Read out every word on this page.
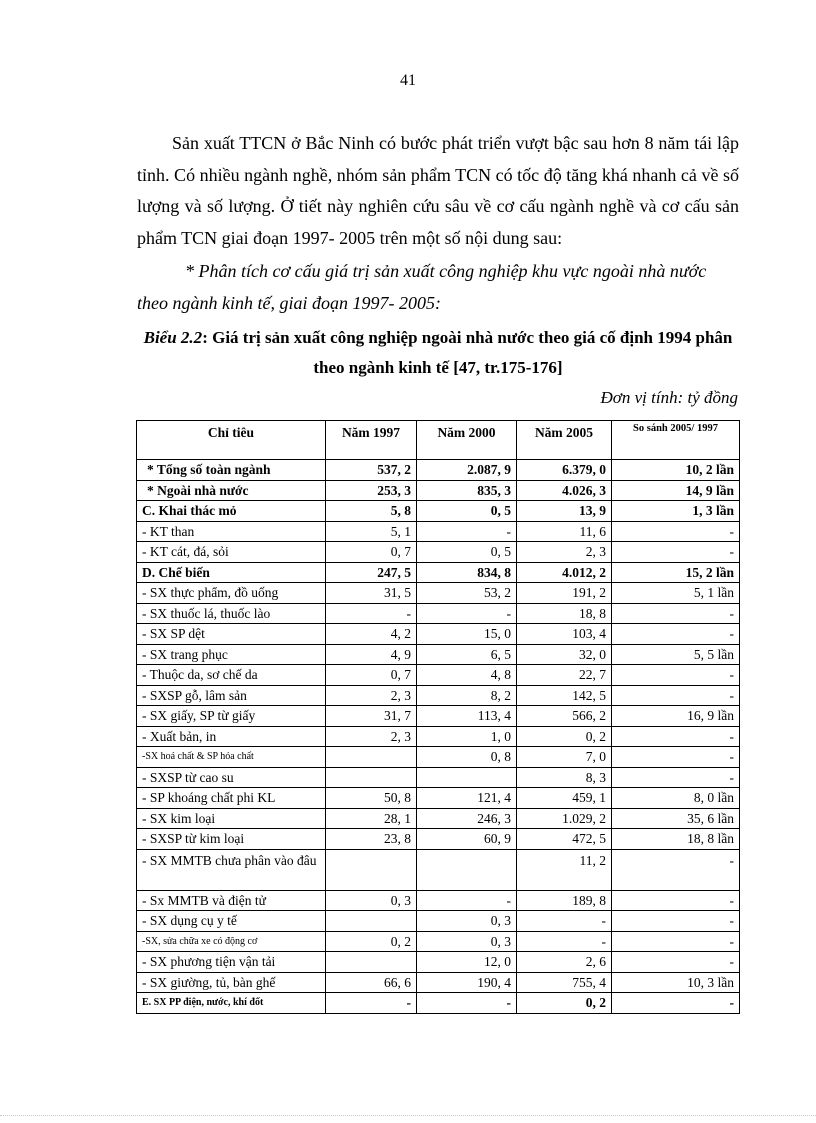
41

Sản xuất TTCN ở Bắc Ninh có bước phát triển vượt bậc sau hơn 8 năm tái lập tỉnh. Có nhiều ngành nghề, nhóm sản phẩm TCN có tốc độ tăng khá nhanh cả về số lượng và số lượng. Ở tiết này nghiên cứu sâu về cơ cấu ngành nghề và cơ cấu sản phẩm TCN giai đoạn 1997- 2005 trên một số nội dung sau:

* Phân tích cơ cấu giá trị sản xuất công nghiệp khu vực ngoài nhà nước theo ngành kinh tế, giai đoạn 1997- 2005:

Biểu 2.2: Giá trị sản xuất công nghiệp ngoài nhà nước theo giá cố định 1994 phân theo ngành kinh tế [47, tr.175-176]

Đơn vị tính: tỷ đồng
Chỉ tiêu	Năm 1997	Năm 2000	Năm 2005	So sánh 2005/ 1997
* Tổng số toàn ngành	537, 2	2.087, 9	6.379, 0	10, 2 lần
* Ngoài nhà nước	253, 3	835, 3	4.026, 3	14, 9 lần
C. Khai thác mỏ	5, 8	0, 5	13, 9	1, 3 lần
- KT than	5, 1	-	11, 6	-
- KT cát, đá, sỏi	0, 7	0, 5	2, 3	-
D. Chế biến	247, 5	834, 8	4.012, 2	15, 2 lần
- SX thực phẩm, đồ uống	31, 5	53, 2	191, 2	5, 1 lần
- SX thuốc lá, thuốc lào	-	-	18, 8	-
- SX SP dệt	4, 2	15, 0	103, 4	-
- SX trang phục	4, 9	6, 5	32, 0	5, 5 lần
- Thuộc da, sơ chế da	0, 7	4, 8	22, 7	-
- SXSP gỗ, lâm sản	2, 3	8, 2	142, 5	-
- SX giấy, SP từ giấy	31, 7	113, 4	566, 2	16, 9 lần
- Xuất bản, in	2, 3	1, 0	0, 2	-
-SX hoá chất & SP hóa chất		0, 8	7, 0	-
- SXSP từ cao su			8, 3	-
- SP khoáng chất phi KL	50, 8	121, 4	459, 1	8, 0 lần
- SX kim loại	28, 1	246, 3	1.029, 2	35, 6 lần
- SXSP từ kim loại	23, 8	60, 9	472, 5	18, 8 lần
- SX MMTB chưa phân vào đâu			11, 2	-
- Sx MMTB và điện tử	0, 3	-	189, 8	-
- SX dụng cụ y tế		0, 3	-	-
-SX, sửa chữa xe có động cơ	0, 2	0, 3	-	-
- SX phương tiện vận tải		12, 0	2, 6	-
- SX giường, tủ, bàn ghế	66, 6	190, 4	755, 4	10, 3 lần
E. SX PP điện, nước, khí đốt	-	-	0, 2	-
